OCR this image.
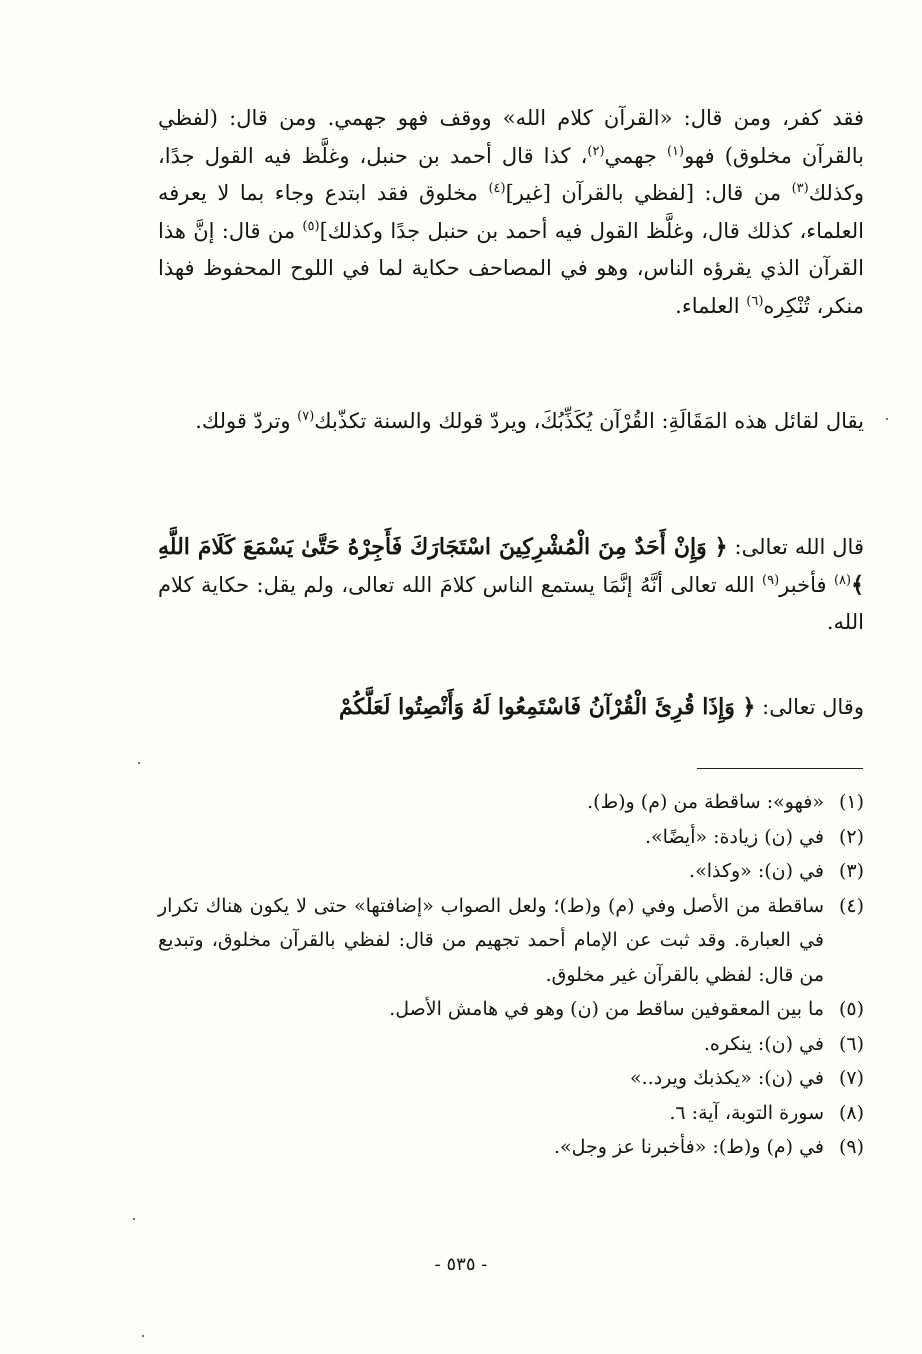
فقد كفر، ومن قال: «القرآن كلام الله» ووقف فهو جهمي. ومن قال: (لفظي بالقرآن مخلوق) فهو$^{(١)}$ جهمي$^{(٢)}$، كذا قال أحمد بن حنبل، وغلَّظ فيه القول جدًا، وكذلك$^{(٣)}$ من قال: [لفظي بالقرآن [غير]$^{(٤)}$ مخلوق فقد ابتدع وجاء بما لا يعرفه العلماء، كذلك قال، وغلَّظ القول فيه أحمد بن حنبل جدًا وكذلك]$^{(٥)}$ من قال: إنَّ هذا القرآن الذي يقرؤه الناس، وهو في المصاحف حكاية لما في اللوح المحفوظ فهذا منكر، تُنْكِره$^{(٦)}$ العلماء.

يقال لقائل هذه المَقَالَةِ: القُرْآن يُكَذِّبُكَ، ويردّ قولك والسنة تكذّبك$^{(٧)}$ وتردّ قولك.

قال الله تعالى: ﴿ وَإِنْ أَحَدٌ مِنَ الْمُشْرِكِينَ اسْتَجَارَكَ فَأَجِرْهُ حَتَّىٰ يَسْمَعَ كَلَامَ اللَّهِ ﴾$^{(٨)}$ فأخبر$^{(٩)}$ الله تعالى أنَّهُ إنَّمَا يستمع الناس كلامَ الله تعالى، ولم يقل: حكاية كلام الله.

وقال تعالى: ﴿ وَإِذَا قُرِئَ الْقُرْآنُ فَاسْتَمِعُوا لَهُ وَأَنْصِتُوا لَعَلَّكُمْ

(١)
«فهو»: ساقطة من (م) و(ط).
(٢)
في (ن) زيادة: «أيضًا».
(٣)
في (ن): «وكذا».
(٤)
ساقطة من الأصل وفي (م) و(ط)؛ ولعل الصواب «إضافتها» حتى لا يكون هناك تكرار في العبارة. وقد ثبت عن الإمام أحمد تجهيم من قال: لفظي بالقرآن مخلوق، وتبديع من قال: لفظي بالقرآن غير مخلوق.
(٥)
ما بين المعقوفين ساقط من (ن) وهو في هامش الأصل.
(٦)
في (ن): ينكره.
(٧)
في (ن): «يكذبك ويرد..»
(٨)
سورة التوبة، آية: ٦.
(٩)
في (م) و(ط): «فأخبرنا عز وجل».
- ٥٣٥ -
